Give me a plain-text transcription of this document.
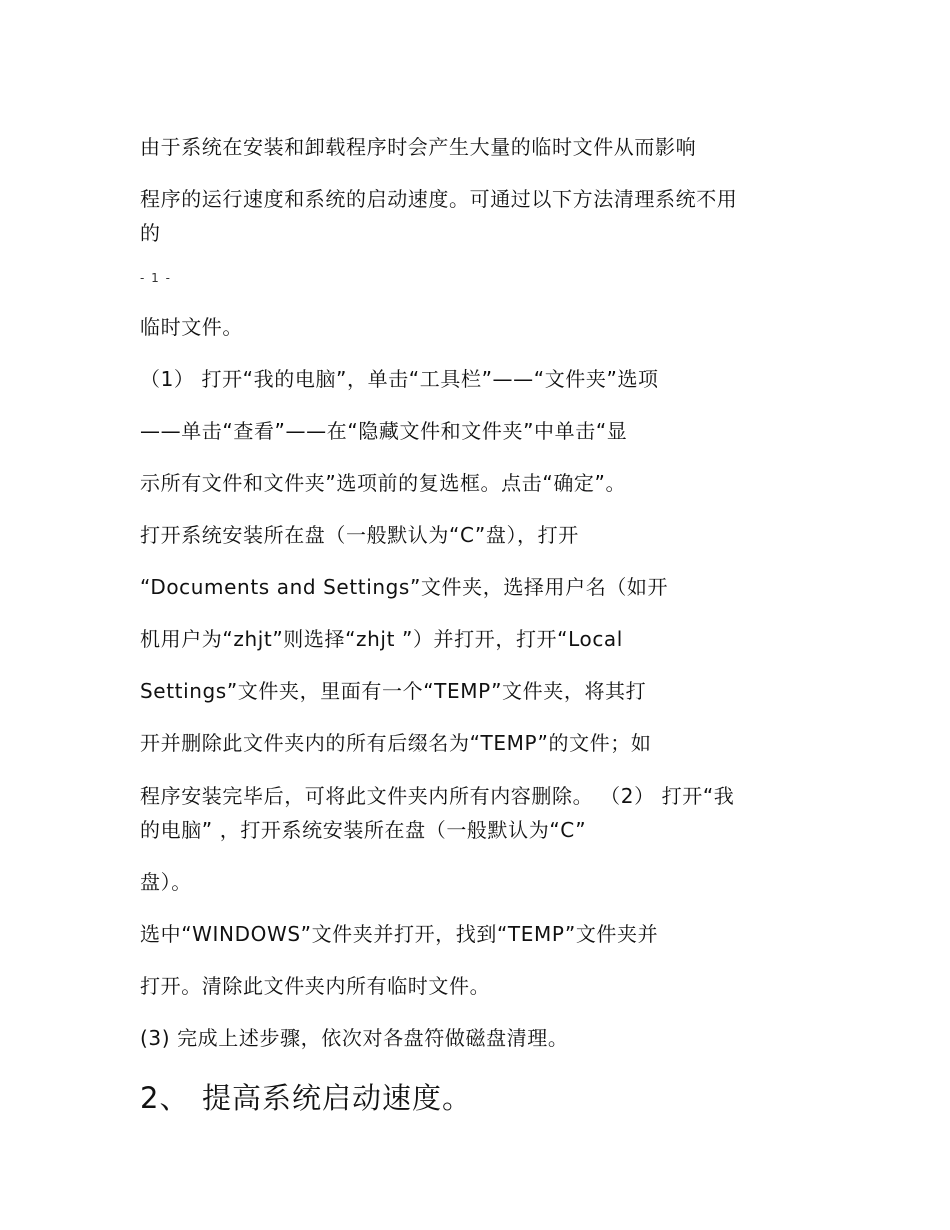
由于系统在安装和卸载程序时会产生大量的临时文件从而影响
程序的运行速度和系统的启动速度。可通过以下方法清理系统不用
的
- 1 -
临时文件。
（1） 打开“我的电脑”，单击“工具栏”——“文件夹”选项
——单击“查看”——在“隐藏文件和文件夹”中单击“显
示所有文件和文件夹”选项前的复选框。点击“确定”。
打开系统安装所在盘（一般默认为“C”盘），打开
“Documents and Settings”文件夹，选择用户名（如开
机用户为“zhjt”则选择“zhjt ”）并打开，打开“Local
Settings”文件夹，里面有一个“TEMP”文件夹，将其打
开并删除此文件夹内的所有后缀名为“TEMP”的文件；如
程序安装完毕后，可将此文件夹内所有内容删除。 （2） 打开“我
的电脑” ，打开系统安装所在盘（一般默认为“C”
盘）。
选中“WINDOWS”文件夹并打开，找到“TEMP”文件夹并
打开。清除此文件夹内所有临时文件。
(3) 完成上述步骤，依次对各盘符做磁盘清理。
2、 提高系统启动速度。
